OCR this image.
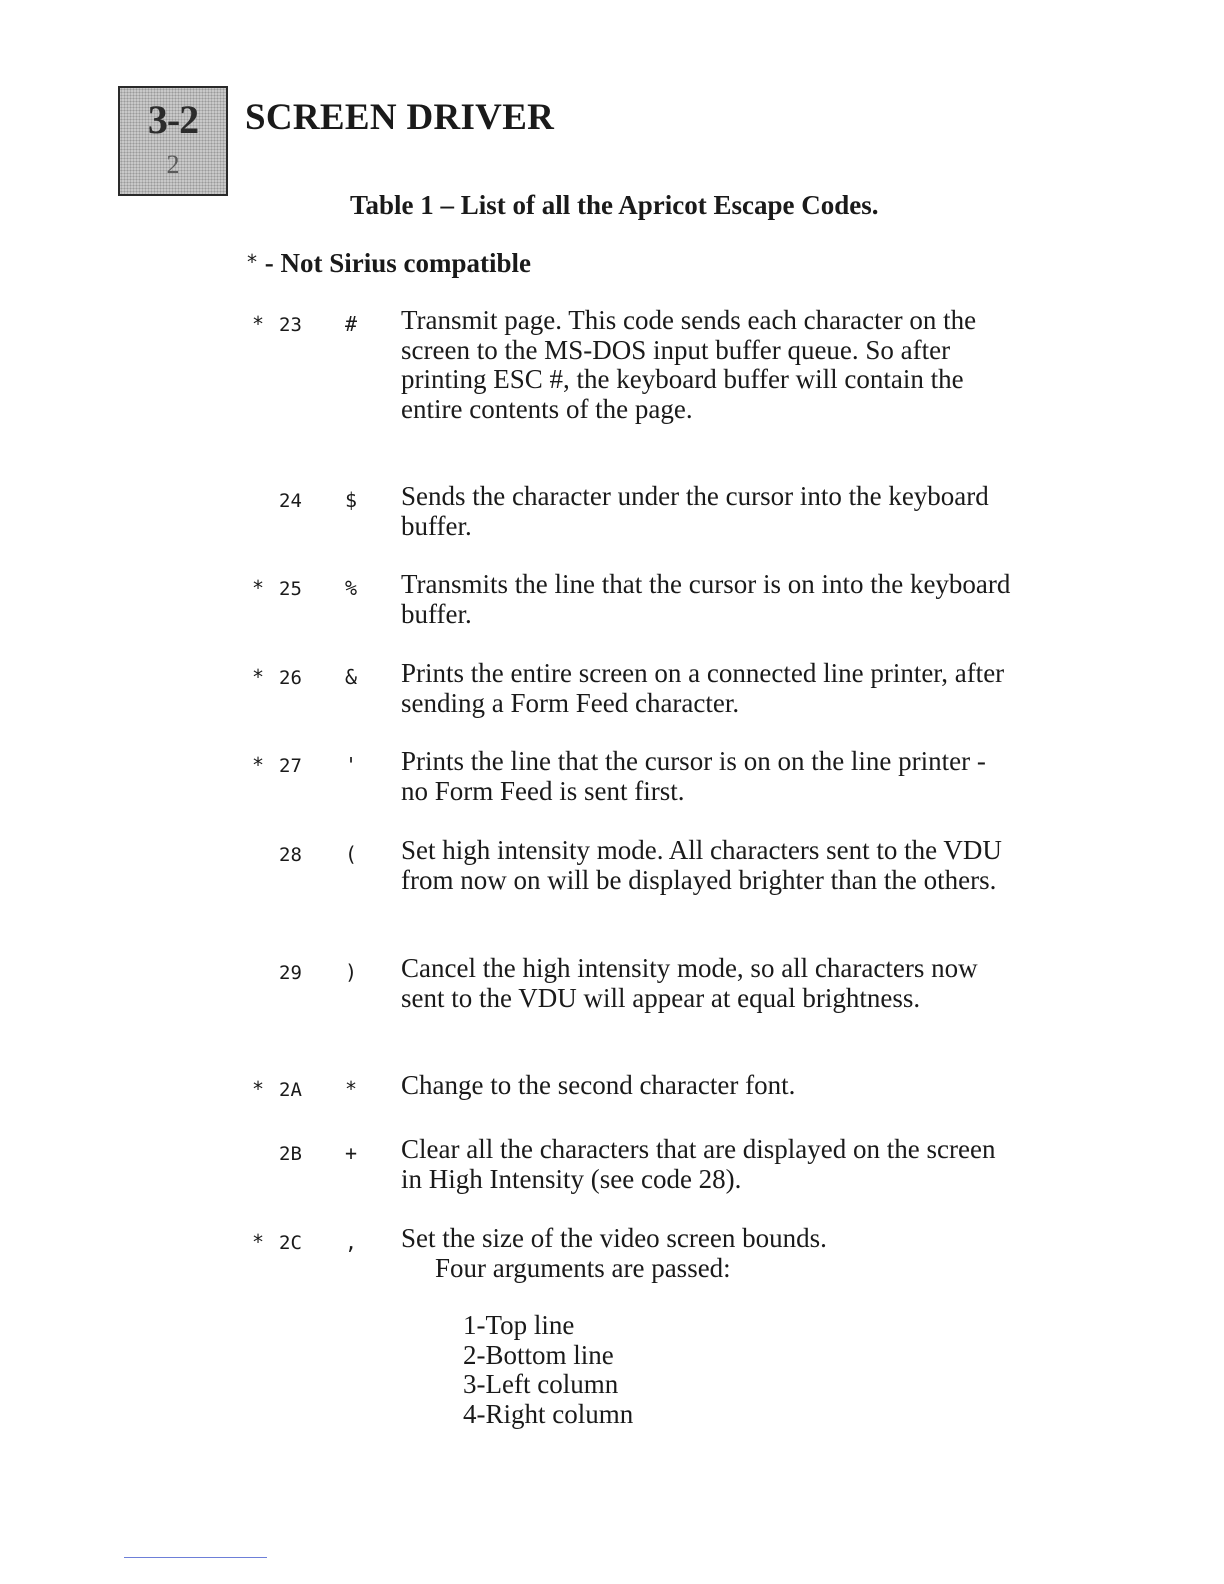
3-2
2
SCREEN DRIVER
Table 1 – List of all the Apricot Escape Codes.
* - Not Sirius compatible
* 23	#	Transmit page. This code sends each character on the screen to the MS-DOS input buffer queue. So after printing ESC #, the keyboard buffer will contain the entire contents of the page.
24	$	Sends the character under the cursor into the keyboard buffer.
* 25	%	Transmits the line that the cursor is on into the keyboard buffer.
* 26	&	Prints the entire screen on a connected line printer, after sending a Form Feed character.
* 27	'	Prints the line that the cursor is on on the line printer - no Form Feed is sent first.
28	(	Set high intensity mode. All characters sent to the VDU from now on will be displayed brighter than the others.
29	)	Cancel the high intensity mode, so all characters now sent to the VDU will appear at equal brightness.
* 2A	*	Change to the second character font.
2B	+	Clear all the characters that are displayed on the screen in High Intensity (see code 28).
* 2C	,	Set the size of the video screen bounds.
Four arguments are passed:
1-Top line
2-Bottom line
3-Left column
4-Right column
